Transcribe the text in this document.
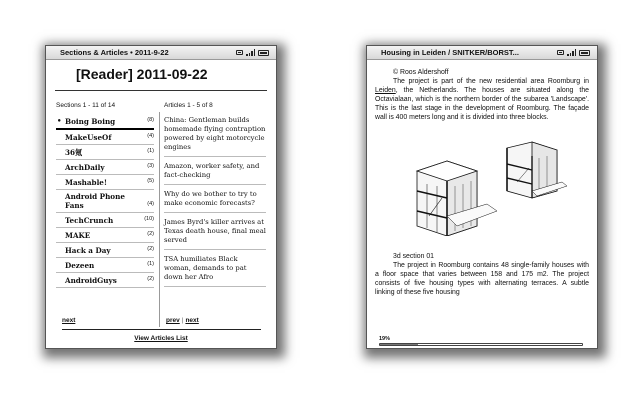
Sections & Articles • 2011-9-22
[Reader] 2011-09-22
Sections 1 - 11 of 14	Articles 1 - 5 of 8
• Boing Boing	(8)
MakeUseOf	(4)
36氪	(1)
ArchDaily	(3)
Mashable!	(5)
Android Phone Fans	(4)
TechCrunch	(10)
MAKE	(2)
Hack a Day	(2)
Dezeen	(1)
AndroidGuys	(2)
China: Gentleman builds homemade flying contraption powered by eight motorcycle engines
Amazon, worker safety, and fact-checking
Why do we bother to try to make economic forecasts?
James Byrd's killer arrives at Texas death house, final meal served
TSA humiliates Black woman, demands to pat down her Afro
next	prev | next
View Articles List
Housing in Leiden / SNITKER/BORST...
© Roos Aldershoff

The project is part of the new residential area Roomburg in Leiden, the Netherlands. The houses are situated along the Octavialaan, which is the northern border of the subarea 'Landscape'. This is the last stage in the development of Roomburg. The façade wall is 400 meters long and it is divided into three blocks.

3d section 01

The project in Roomburg contains 48 single-family houses with a floor space that varies between 158 and 175 m2. The project consists of five housing types with alternating terraces. A subtle linking of these five housing

19%
